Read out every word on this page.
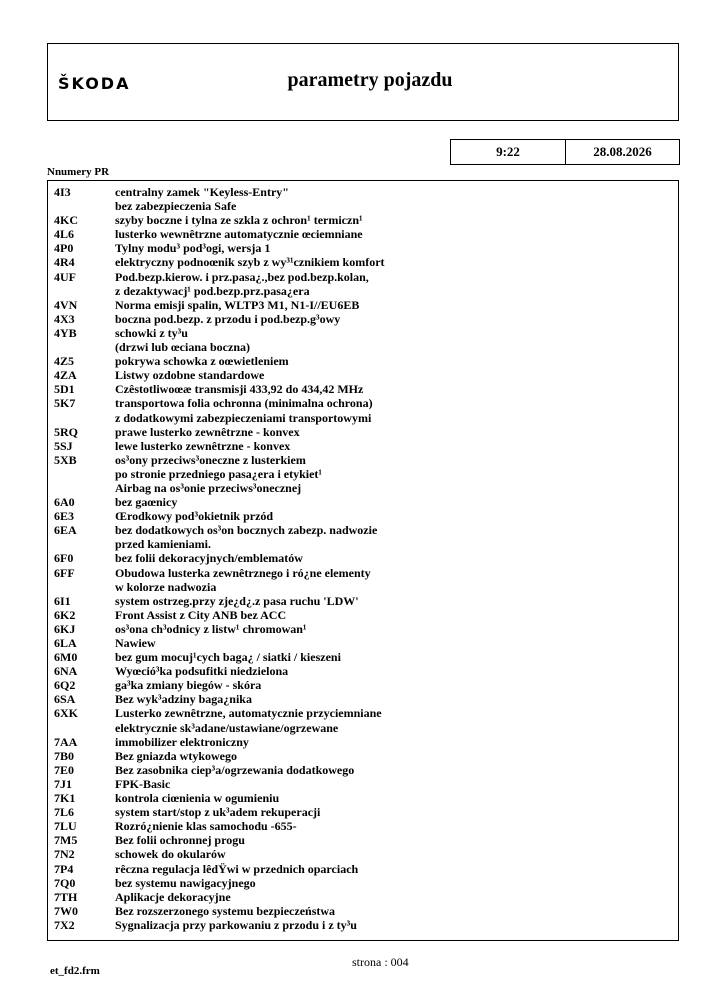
ŠKODA	parametry pojazdu
9:22	28.08.2026
Nnumery PR
4I3	centralny zamek "Keyless-Entry"
bez zabezpieczenia Safe
4KC	szyby boczne i tylna ze szkla z ochron¹ termiczn¹
4L6	lusterko wewnêtrzne automatycznie œciemniane
4P0	Tylny modu³ pod³ogi, wersja 1
4R4	elektryczny podnoœnik szyb z wy³¹cznikiem komfort
4UF	Pod.bezp.kierow. i prz.pasa¿.,bez pod.bezp.kolan,
z dezaktywacj¹ pod.bezp.prz.pasa¿era
4VN	Norma emisji spalin, WLTP3 M1, N1-I//EU6EB
4X3	boczna pod.bezp. z przodu i pod.bezp.g³owy
4YB	schowki z ty³u
(drzwi lub œciana boczna)
4Z5	pokrywa schowka z oœwietleniem
4ZA	Listwy ozdobne standardowe
5D1	Czêstotliwoœæ transmisji 433,92 do 434,42 MHz
5K7	transportowa folia ochronna (minimalna ochrona)
z dodatkowymi zabezpieczeniami transportowymi
5RQ	prawe lusterko zewnêtrzne - konvex
5SJ	lewe lusterko zewnêtrzne - konvex
5XB	os³ony przeciws³oneczne z lusterkiem
po stronie przedniego pasa¿era i etykiet¹
Airbag na os³onie przeciws³onecznej
6A0	bez gaœnicy
6E3	Œrodkowy pod³okietnik przód
6EA	bez dodatkowych os³on bocznych zabezp. nadwozie
przed kamieniami.
6F0	bez folii dekoracyjnych/emblematów
6FF	Obudowa lusterka zewnêtrznego i ró¿ne elementy
w kolorze nadwozia
6I1	system ostrzeg.przy zje¿d¿.z pasa ruchu 'LDW'
6K2	Front Assist z City ANB bez ACC
6KJ	os³ona ch³odnicy z listw¹ chromowan¹
6LA	Nawiew
6M0	bez gum mocuj¹cych baga¿ / siatki / kieszeni
6NA	Wyœció³ka podsufitki niedzielona
6Q2	ga³ka zmiany biegów - skóra
6SA	Bez wyk³adziny baga¿nika
6XK	Lusterko zewnêtrzne, automatycznie przyciemniane
elektrycznie sk³adane/ustawiane/ogrzewane
7AA	immobilizer elektroniczny
7B0	Bez gniazda wtykowego
7E0	Bez zasobnika ciep³a/ogrzewania dodatkowego
7J1	FPK-Basic
7K1	kontrola ciœnienia w ogumieniu
7L6	system start/stop z uk³adem rekuperacji
7LU	Rozró¿nienie klas samochodu -655-
7M5	Bez folii ochronnej progu
7N2	schowek do okularów
7P4	rêczna regulacja lêdŸwi w przednich oparciach
7Q0	bez systemu nawigacyjnego
7TH	Aplikacje dekoracyjne
7W0	Bez rozszerzonego systemu bezpieczeństwa
7X2	Sygnalizacja przy parkowaniu z przodu i z ty³u
strona : 004
et_fd2.frm
